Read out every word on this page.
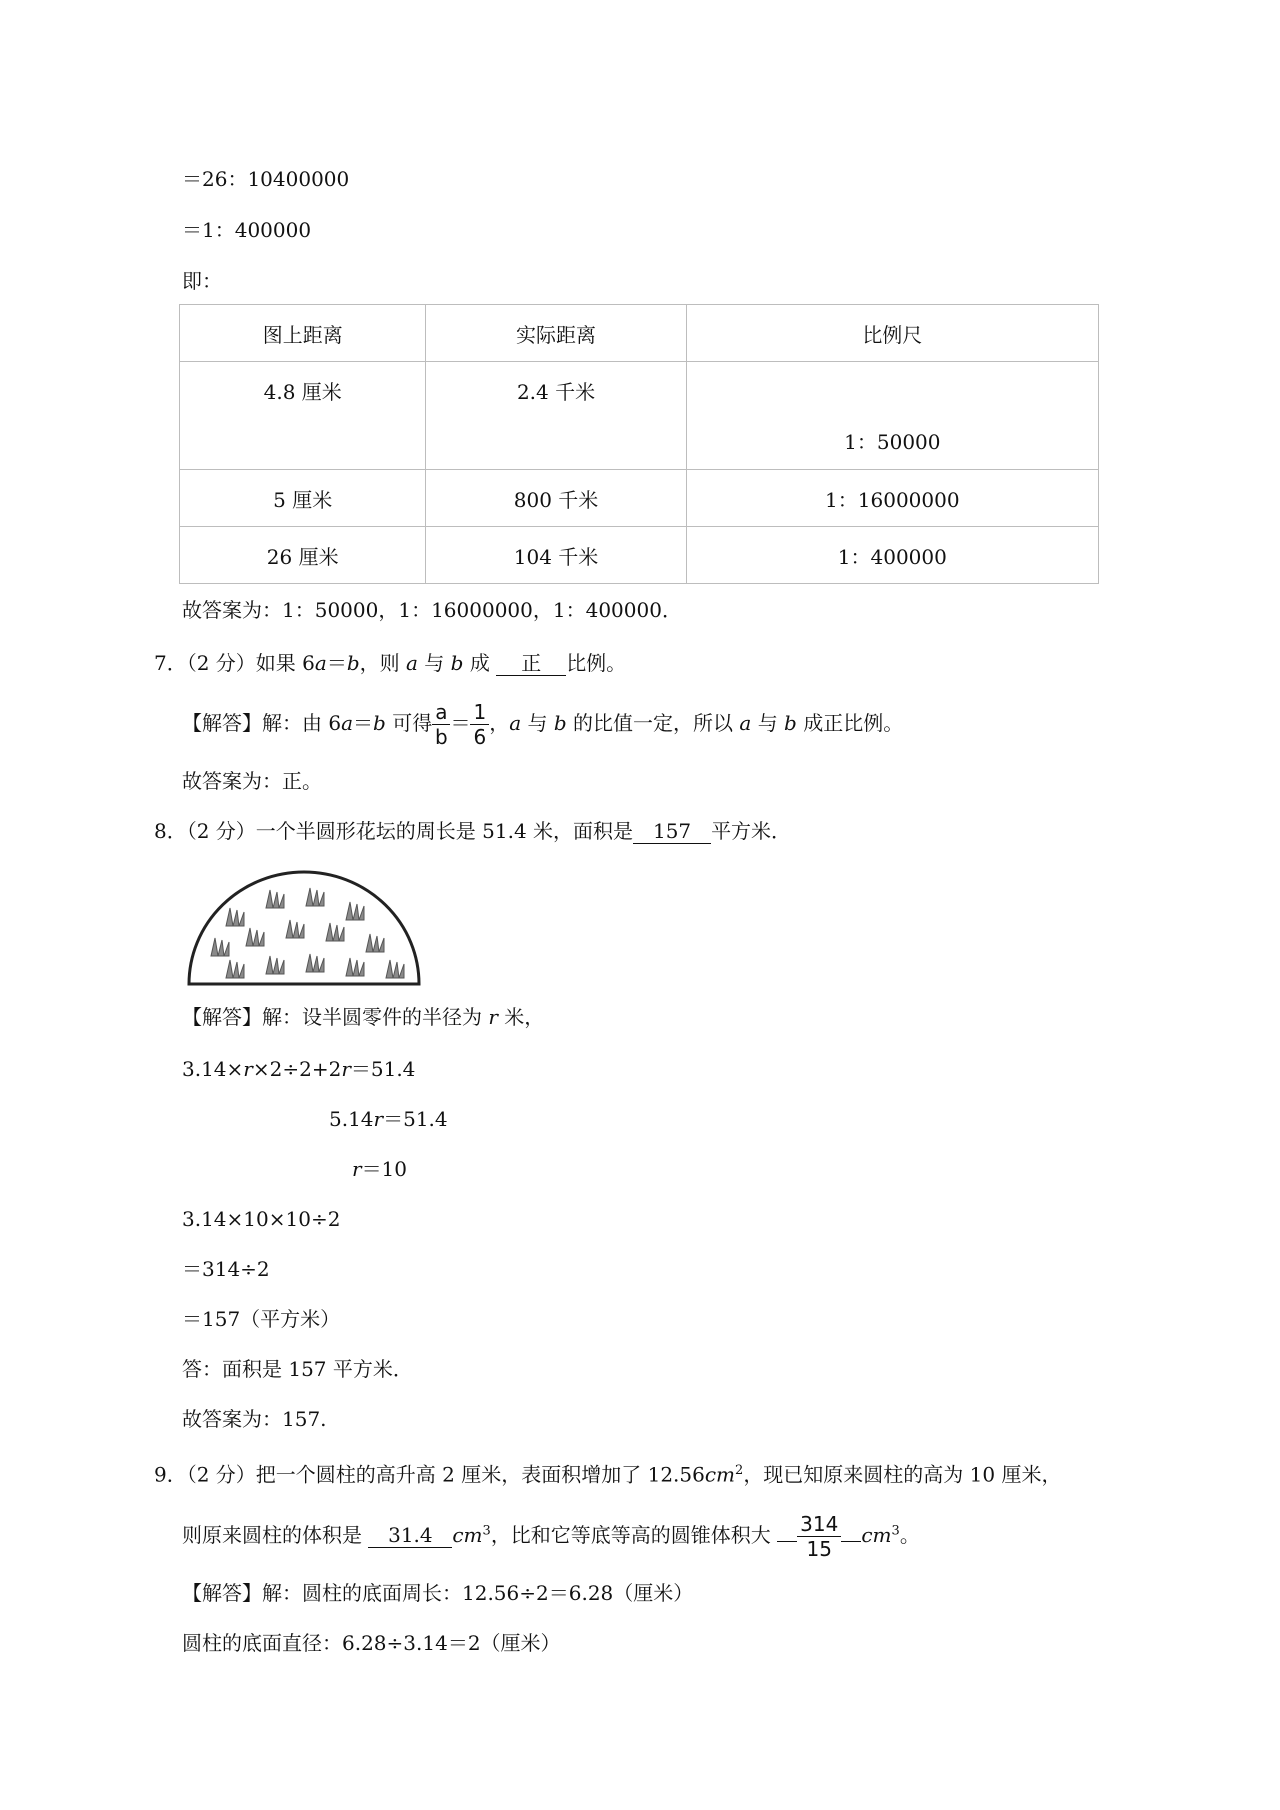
＝26：10400000
＝1：400000
即：
图上距离	实际距离	比例尺
4.8 厘米	2.4 千米	1：50000
5 厘米	800 千米	1：16000000
26 厘米	104 千米	1：400000
故答案为：1：50000，1：16000000，1：400000．
7．（2 分）如果 6a＝b，则 a 与 b 成 正 比例。
【解答】解：由 6a＝b 可得 $\frac{a}{b} = \frac{1}{6}$ ，a 与 b 的比值一定，所以 a 与 b 成正比例。
故答案为：正。
8．（2 分）一个半圆形花坛的周长是 51.4 米，面积是 157 平方米．
【解答】解：设半圆零件的半径为 r 米，
3.14×r×2÷2+2r＝51.4
5.14r＝51.4
r＝10
3.14×10×10÷2
＝314÷2
＝157（平方米）
答：面积是 157 平方米．
故答案为：157.
9．（2 分）把一个圆柱的高升高 2 厘米，表面积增加了 $12.56cm^2$，现已知原来圆柱的高为 10 厘米，
则原来圆柱的体积是 31.4 $cm^3$，比和它等底等高的圆锥体积大 $\frac{314}{15} cm^3$。
【解答】解：圆柱的底面周长：12.56÷2＝6.28（厘米）
圆柱的底面直径：6.28÷3.14＝2（厘米）
